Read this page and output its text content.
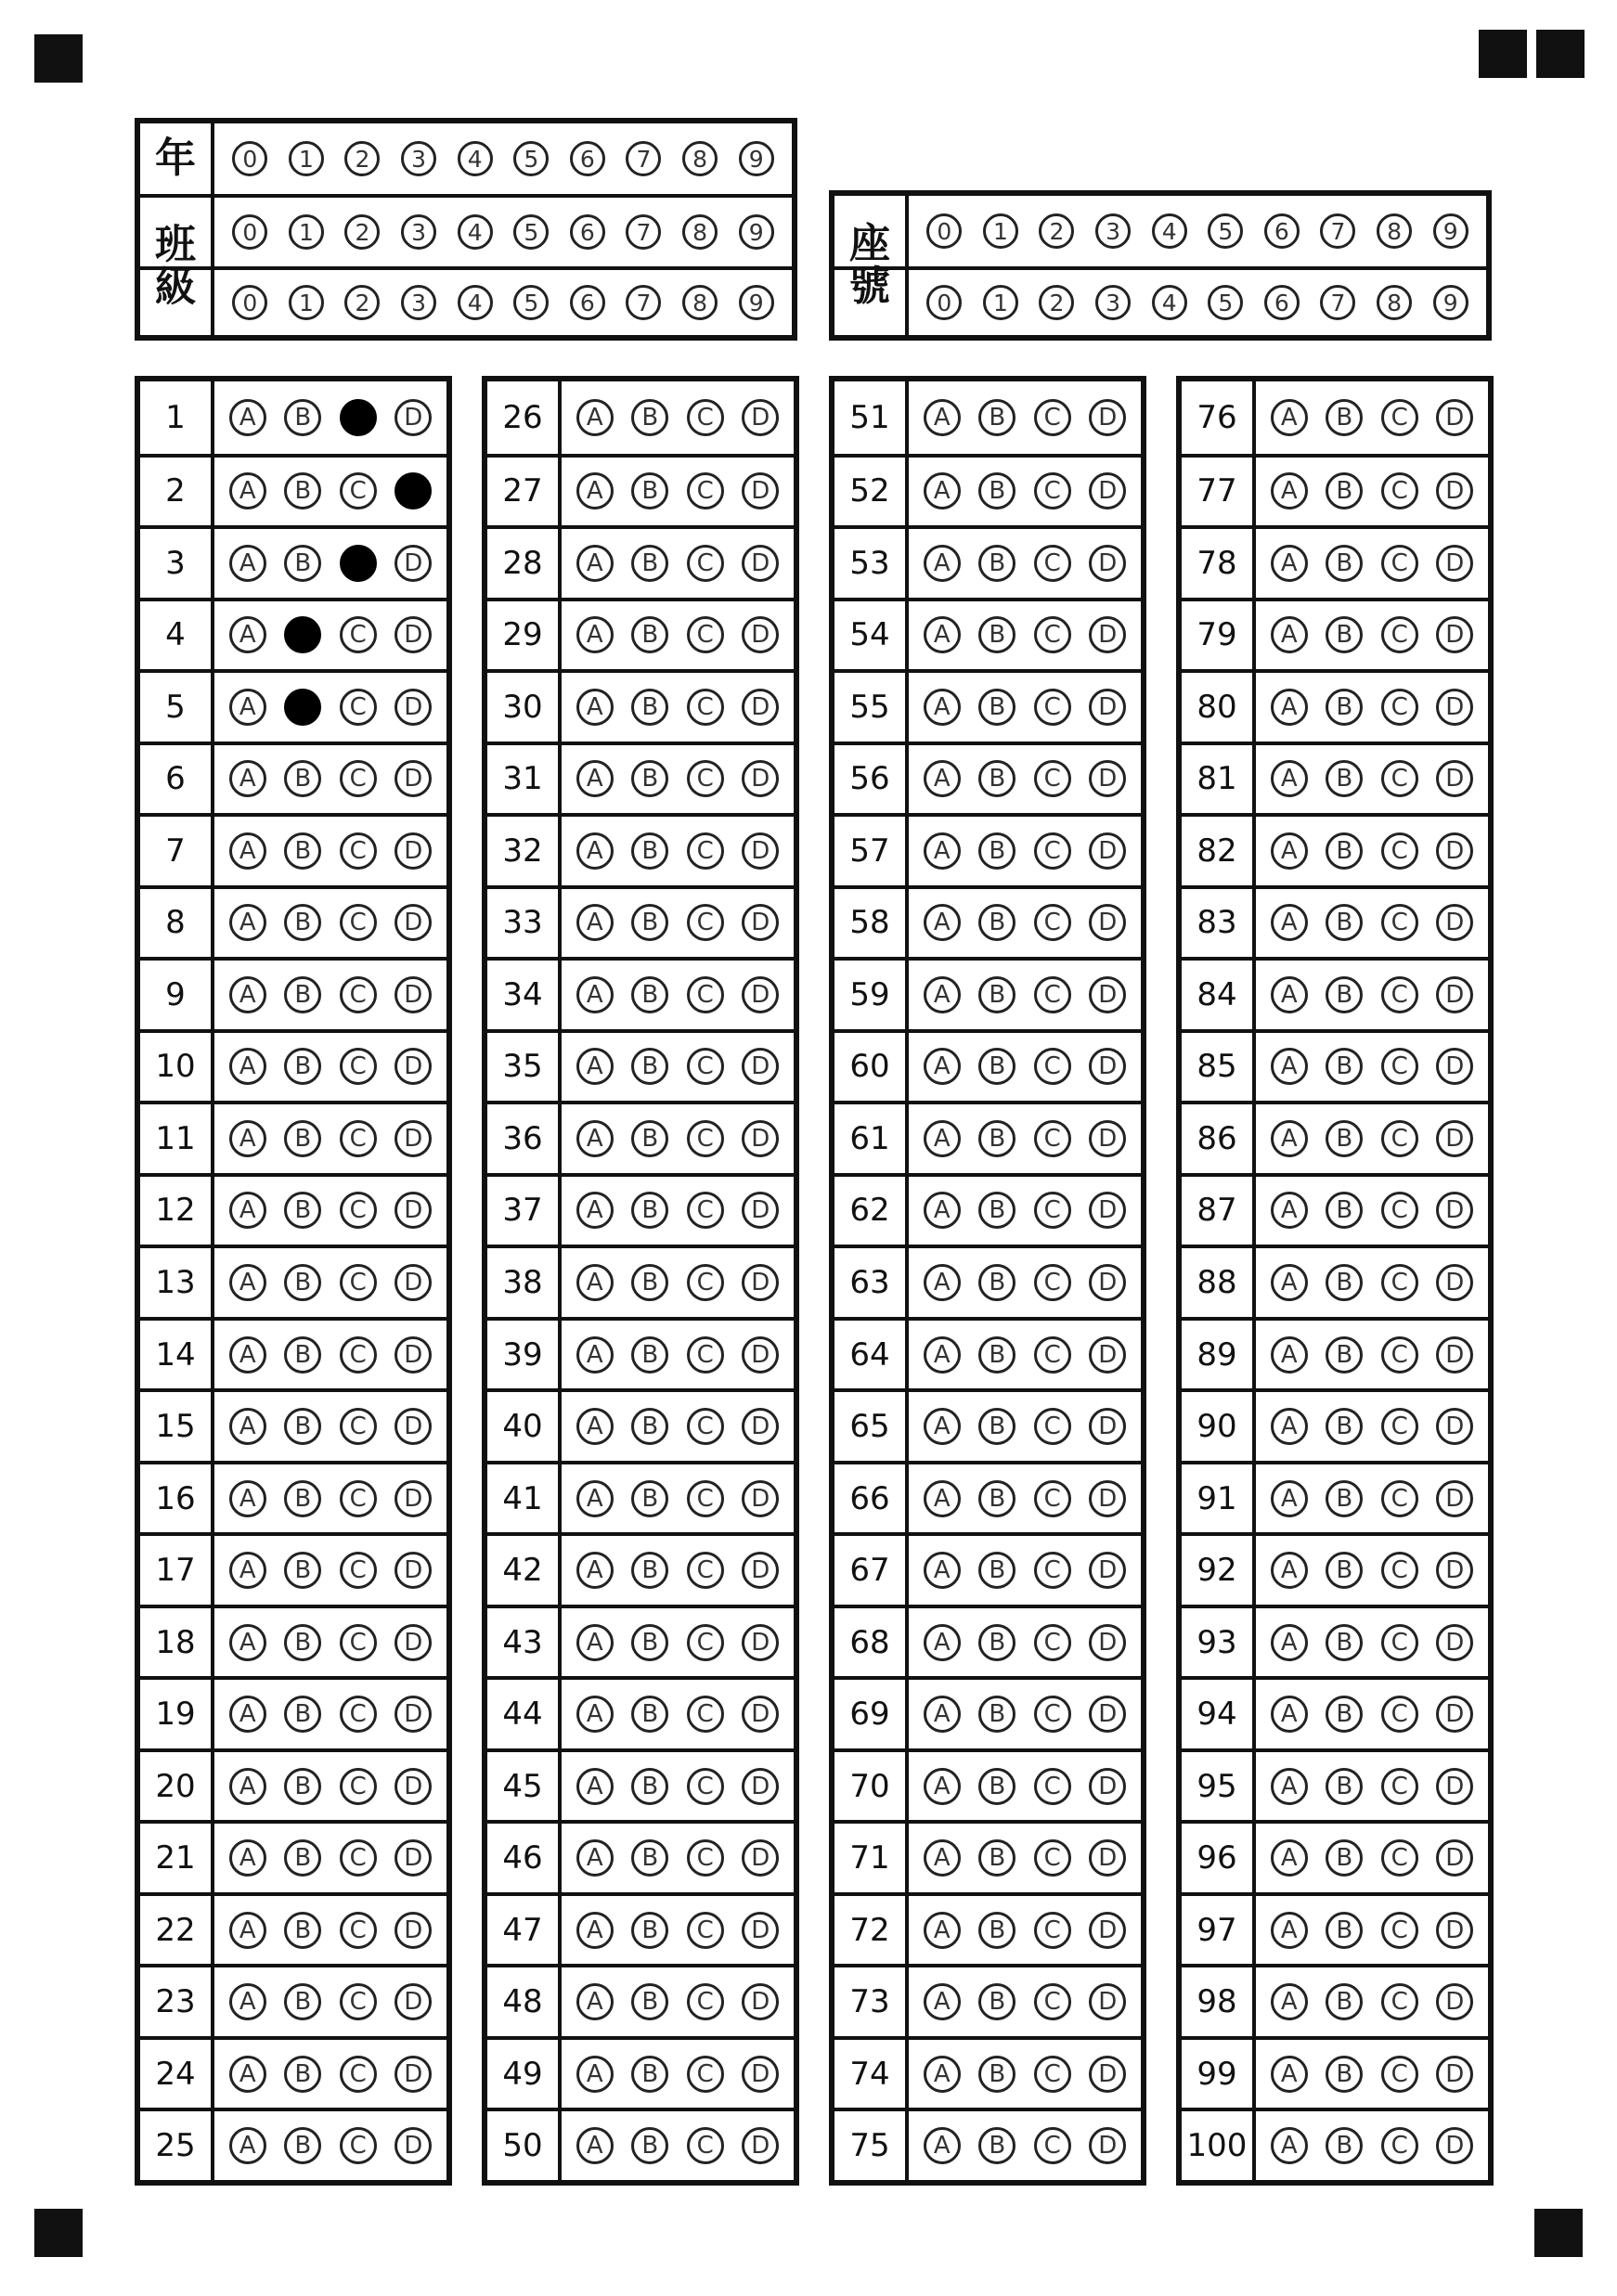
年	0	1	2	3	4	5	6	7	8	9
班
級
0	1	2	3	4	5	6	7	8	9
0	1	2	3	4	5	6	7	8	9
座
號
0	1	2	3	4	5	6	7	8	9
0	1	2	3	4	5	6	7	8	9
1	A	B	C	D
2	A	B	C	D
3	A	B	C	D
4	A	B	C	D
5	A	B	C	D
6	A	B	C	D
7	A	B	C	D
8	A	B	C	D
9	A	B	C	D
10	A	B	C	D
11	A	B	C	D
12	A	B	C	D
13	A	B	C	D
14	A	B	C	D
15	A	B	C	D
16	A	B	C	D
17	A	B	C	D
18	A	B	C	D
19	A	B	C	D
20	A	B	C	D
21	A	B	C	D
22	A	B	C	D
23	A	B	C	D
24	A	B	C	D
25	A	B	C	D
26	A	B	C	D
27	A	B	C	D
28	A	B	C	D
29	A	B	C	D
30	A	B	C	D
31	A	B	C	D
32	A	B	C	D
33	A	B	C	D
34	A	B	C	D
35	A	B	C	D
36	A	B	C	D
37	A	B	C	D
38	A	B	C	D
39	A	B	C	D
40	A	B	C	D
41	A	B	C	D
42	A	B	C	D
43	A	B	C	D
44	A	B	C	D
45	A	B	C	D
46	A	B	C	D
47	A	B	C	D
48	A	B	C	D
49	A	B	C	D
50	A	B	C	D
51	A	B	C	D
52	A	B	C	D
53	A	B	C	D
54	A	B	C	D
55	A	B	C	D
56	A	B	C	D
57	A	B	C	D
58	A	B	C	D
59	A	B	C	D
60	A	B	C	D
61	A	B	C	D
62	A	B	C	D
63	A	B	C	D
64	A	B	C	D
65	A	B	C	D
66	A	B	C	D
67	A	B	C	D
68	A	B	C	D
69	A	B	C	D
70	A	B	C	D
71	A	B	C	D
72	A	B	C	D
73	A	B	C	D
74	A	B	C	D
75	A	B	C	D
76	A	B	C	D
77	A	B	C	D
78	A	B	C	D
79	A	B	C	D
80	A	B	C	D
81	A	B	C	D
82	A	B	C	D
83	A	B	C	D
84	A	B	C	D
85	A	B	C	D
86	A	B	C	D
87	A	B	C	D
88	A	B	C	D
89	A	B	C	D
90	A	B	C	D
91	A	B	C	D
92	A	B	C	D
93	A	B	C	D
94	A	B	C	D
95	A	B	C	D
96	A	B	C	D
97	A	B	C	D
98	A	B	C	D
99	A	B	C	D
100	A	B	C	D
